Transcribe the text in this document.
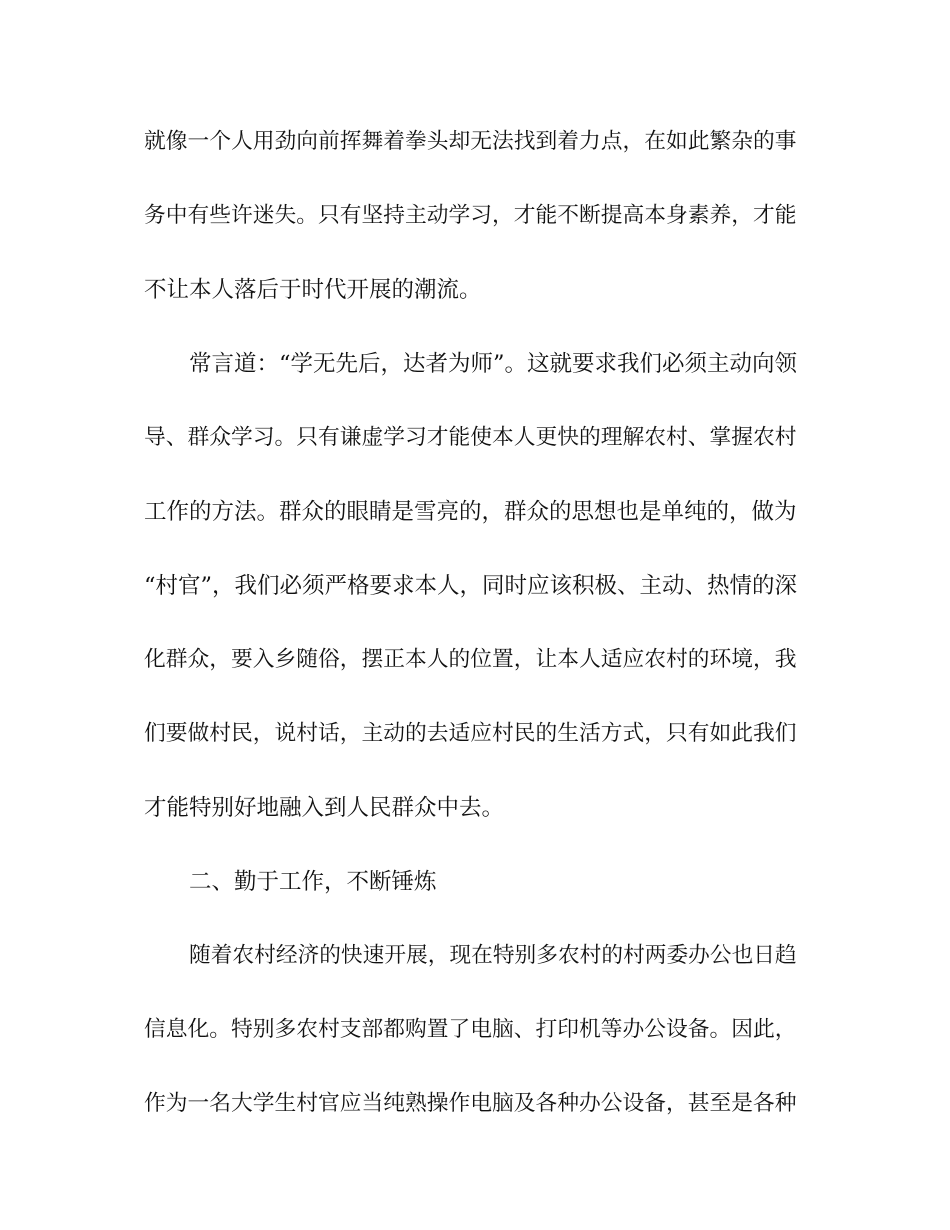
就像一个人用劲向前挥舞着拳头却无法找到着力点，在如此繁杂的事
务中有些许迷失。只有坚持主动学习，才能不断提高本身素养，才能
不让本人落后于时代开展的潮流。
常言道：“学无先后，达者为师”。这就要求我们必须主动向领
导、群众学习。只有谦虚学习才能使本人更快的理解农村、掌握农村
工作的方法。群众的眼睛是雪亮的，群众的思想也是单纯的，做为
“村官”，我们必须严格要求本人，同时应该积极、主动、热情的深
化群众，要入乡随俗，摆正本人的位置，让本人适应农村的环境，我
们要做村民，说村话，主动的去适应村民的生活方式，只有如此我们
才能特别好地融入到人民群众中去。
二、勤于工作，不断锤炼
随着农村经济的快速开展，现在特别多农村的村两委办公也日趋
信息化。特别多农村支部都购置了电脑、打印机等办公设备。因此，
作为一名大学生村官应当纯熟操作电脑及各种办公设备，甚至是各种
